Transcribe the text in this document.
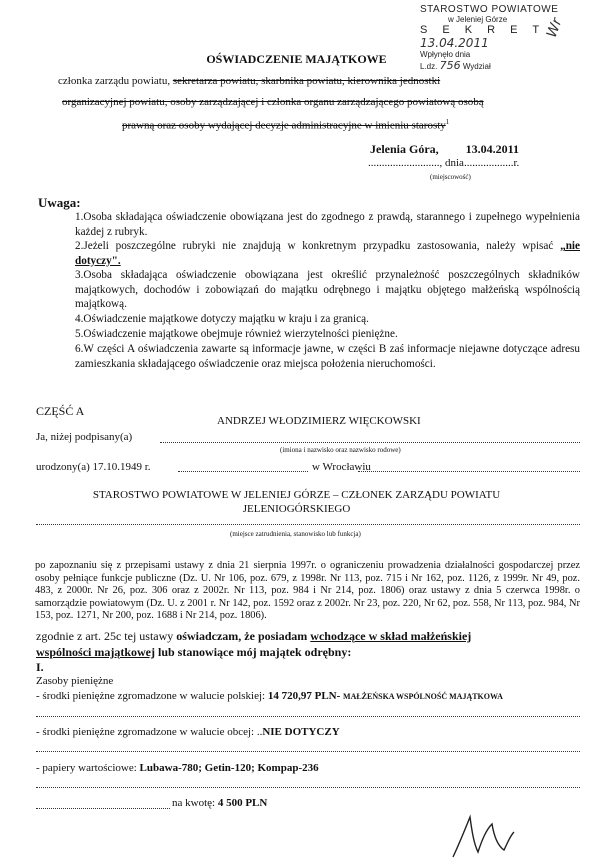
STAROSTWO POWIATOWE
w Jeleniej Górze
S E K R E T 13.04.2011
Wpłynęło dnia
L.dz. 756 Wydział
Wr
OŚWIADCZENIE MAJĄTKOWE
członka zarządu powiatu, sekretarza powiatu, skarbnika powiatu, kierownika jednostki
organizacyjnej powiatu, osoby zarządzającej i członka organu zarządzającego powiatową osobą
prawną oraz osoby wydającej decyzje administracyjne w imieniu starosty$^1$
Jelenia Góra, 13.04.2011
.........................., dnia..................r.
(miejscowość)
Uwaga:
1.Osoba składająca oświadczenie obowiązana jest do zgodnego z prawdą, starannego i zupełnego wypełnienia każdej z rubryk.
2.Jeżeli poszczególne rubryki nie znajdują w konkretnym przypadku zastosowania, należy wpisać „nie dotyczy".
3.Osoba składająca oświadczenie obowiązana jest określić przynależność poszczególnych składników majątkowych, dochodów i zobowiązań do majątku odrębnego i majątku objętego małżeńską wspólnością majątkową.
4.Oświadczenie majątkowe dotyczy majątku w kraju i za granicą.
5.Oświadczenie majątkowe obejmuje również wierzytelności pieniężne.
6.W części A oświadczenia zawarte są informacje jawne, w części B zaś informacje niejawne dotyczące adresu zamieszkania składającego oświadczenie oraz miejsca położenia nieruchomości.
CZĘŚĆ A
ANDRZEJ WŁODZIMIERZ WIĘCKOWSKI
Ja, niżej podpisany(a)
(imiona i nazwisko oraz nazwisko rodowe)
urodzony(a) 17.10.1949 r.	w Wrocławiu
STAROSTWO POWIATOWE W JELENIEJ GÓRZE – CZŁONEK ZARZĄDU POWIATU
JELENIOGÓRSKIEGO
(miejsce zatrudnienia, stanowisko lub funkcja)
po zapoznaniu się z przepisami ustawy z dnia 21 sierpnia 1997r. o ograniczeniu prowadzenia działalności gospodarczej przez osoby pełniące funkcje publiczne (Dz. U. Nr 106, poz. 679, z 1998r. Nr 113, poz. 715 i Nr 162, poz. 1126, z 1999r. Nr 49, poz. 483, z 2000r. Nr 26, poz. 306 oraz z 2002r. Nr 113, poz. 984 i Nr 214, poz. 1806) oraz ustawy z dnia 5 czerwca 1998r. o samorządzie powiatowym (Dz. U. z 2001 r. Nr 142, poz. 1592 oraz z 2002r. Nr 23, poz. 220, Nr 62, poz. 558, Nr 113, poz. 984, Nr 153, poz. 1271, Nr 200, poz. 1688 i Nr 214, poz. 1806).
zgodnie z art. 25c tej ustawy oświadczam, że posiadam wchodzące w skład małżeńskiej
wspólności majątkowej lub stanowiące mój majątek odrębny:
I.
Zasoby pieniężne
- środki pieniężne zgromadzone w walucie polskiej: 14 720,97 PLN- MAŁŻEŃSKA WSPÓLNOŚĆ MAJĄTKOWA
- środki pieniężne zgromadzone w walucie obcej: ..NIE DOTYCZY
- papiery wartościowe: Lubawa-780; Getin-120; Kompap-236
na kwotę: 4 500 PLN
